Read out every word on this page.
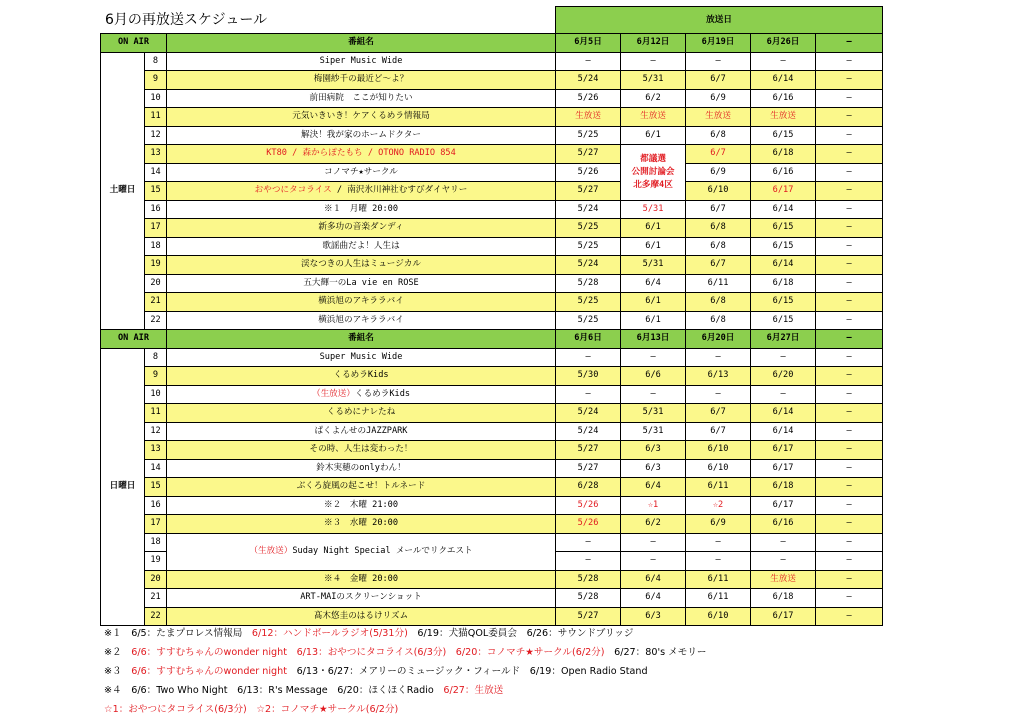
6月の再放送スケジュール
			放送日				
ON AIR		番組名	6月5日	6月12日	6月19日	6月26日	—
土曜日	8	Siper Music Wide	—	—	—	—	—
	9	梅園紗千の最近ど～よ？	5/24	5/31	6/7	6/14	—
	10	前田病院　ここが知りたい	5/26	6/2	6/9	6/16	—
	11	元気いきいき！ケアくるめラ情報局	生放送	生放送	生放送	生放送	—
	12	解決！我が家のホームドクター	5/25	6/1	6/8	6/15	—
	13	KT80 / 森からぽたもち / OTONO RADIO 854	5/27	都議選
公開討論会
北多摩4区	6/7	6/18	—
	14	コノマチ★サークル	5/26		6/9	6/16	—
	15	おやつにタコライス / 南沢氷川神社むすびダイヤリー	5/27		6/10	6/17	—
	16	※１　月曜 20:00	5/24	5/31	6/7	6/14	—
	17	新多功の音楽ダンディ	5/25	6/1	6/8	6/15	—
	18	歌謡曲だよ！人生は	5/25	6/1	6/8	6/15	—
	19	渓なつきの人生はミュージカル	5/24	5/31	6/7	6/14	—
	20	五大輝一のLa vie en ROSE	5/28	6/4	6/11	6/18	—
	21	横浜旭のアキララバイ	5/25	6/1	6/8	6/15	—
	22	横浜旭のアキララバイ	5/25	6/1	6/8	6/15	—
ON AIR		番組名	6月6日	6月13日	6月20日	6月27日	—
日曜日	8	Super Music Wide	—	—	—	—	—
	9	くるめラKids	5/30	6/6	6/13	6/20	—
	10	（生放送）くるめラKids	—	—	—	—	—
	11	くるめにナレたね	5/24	5/31	6/7	6/14	—
	12	ぱくよんせのJAZZPARK	5/24	5/31	6/7	6/14	—
	13	その時、人生は変わった！	5/27	6/3	6/10	6/17	—
	14	鈴木実穂のonlyわん！	5/27	6/3	6/10	6/17	—
	15	ぶくろ旋風の起こせ！トルネード	6/28	6/4	6/11	6/18	—
	16	※２　木曜 21:00	5/26	☆1	☆2	6/17	—
	17	※３　水曜 20:00	5/26	6/2	6/9	6/16	—
	18	（生放送）Suday Night Special メールでリクエスト	—	—	—	—	—
	19		—	—	—	—	—
	20	※４　金曜 20:00	5/28	6/4	6/11	生放送	—
	21	ART-MAIのスクリーンショット	5/28	6/4	6/11	6/18	—
	22	髙木悠圭のはるけリズム	5/27	6/3	6/10	6/17	—
※１　6/5：たまプロレス情報局　6/12：ハンドボールラジオ(5/31分)　6/19：犬猫QOL委員会　6/26：サウンドブリッジ
※２　6/6：すすむちゃんのwonder night　6/13：おやつにタコライス(6/3分)　6/20：コノマチ★サークル(6/2分)　6/27：80's メモリー
※３　6/6：すすむちゃんのwonder night　6/13・6/27：メアリーのミュージック・フィールド　6/19：Open Radio Stand
※４　6/6：Two Who Night　6/13：R's Message　6/20：ほくほくRadio　6/27：生放送
☆1：おやつにタコライス(6/3分)　☆2：コノマチ★サークル(6/2分)
